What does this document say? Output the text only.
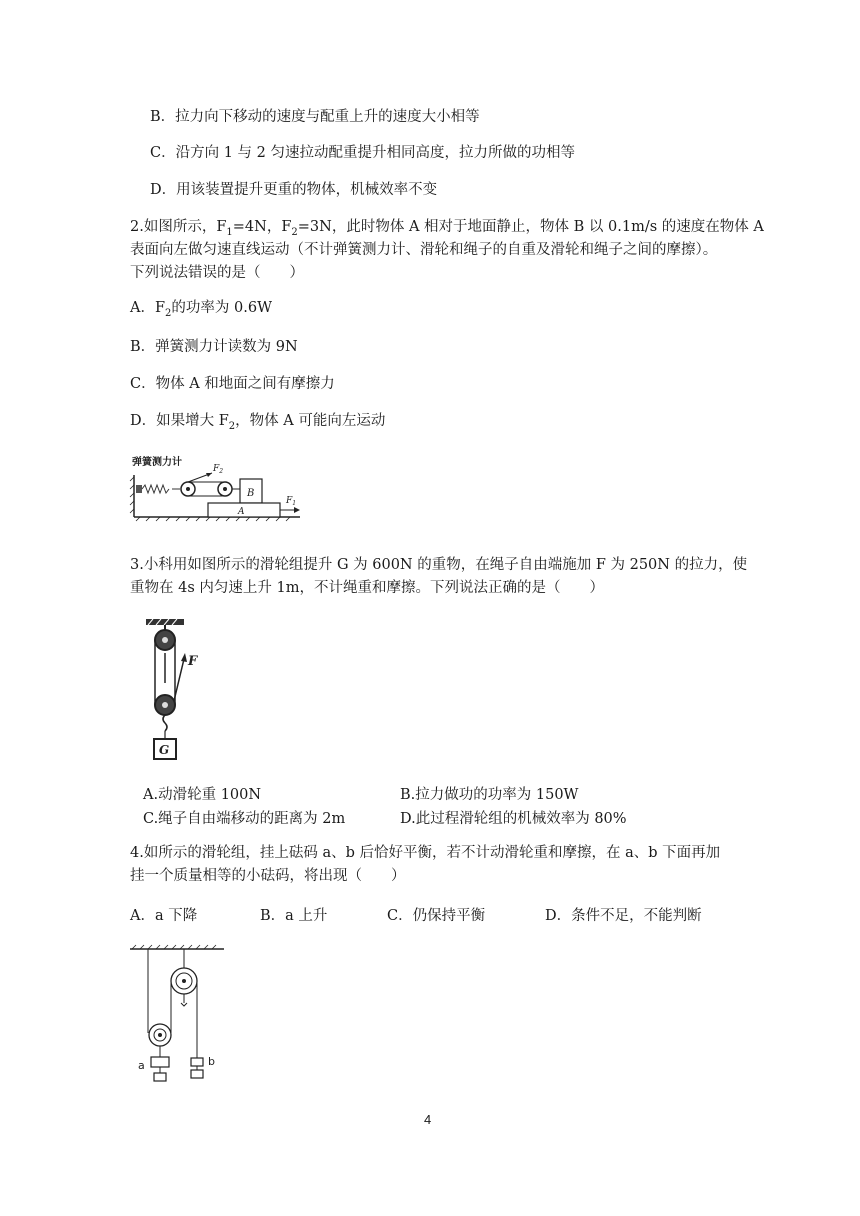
B．拉力向下移动的速度与配重上升的速度大小相等
C．沿方向 1 与 2 匀速拉动配重提升相同高度，拉力所做的功相等
D．用该装置提升更重的物体，机械效率不变
2.如图所示，$F_1=4N$，$F_2=3N$，此时物体 A 相对于地面静止，物体 B 以 0.1m/s 的速度在物体 A
表面向左做匀速直线运动（不计弹簧测力计、滑轮和绳子的自重及滑轮和绳子之间的摩擦）。
下列说法错误的是（　　）
A．$F_2$的功率为 0.6W
B．弹簧测力计读数为 9N
C．物体 A 和地面之间有摩擦力
D．如果增大 $F_2$，物体 A 可能向左运动
$F_2$
B
A
$F_1$
弹簧测力计
3.小科用如图所示的滑轮组提升 G 为 600N 的重物，在绳子自由端施加 F 为 250N 的拉力，使
重物在 4s 内匀速上升 1m，不计绳重和摩擦。下列说法正确的是（　　）
F
G
A.动滑轮重 100N	B.拉力做功的功率为 150W
C.绳子自由端移动的距离为 2m	D.此过程滑轮组的机械效率为 80%
4.如所示的滑轮组，挂上砝码 a、b 后恰好平衡，若不计动滑轮重和摩擦，在 a、b 下面再加
挂一个质量相等的小砝码，将出现（　　）
A．a 下降	B．a 上升	C．仍保持平衡	D．条件不足，不能判断
a	b
4
